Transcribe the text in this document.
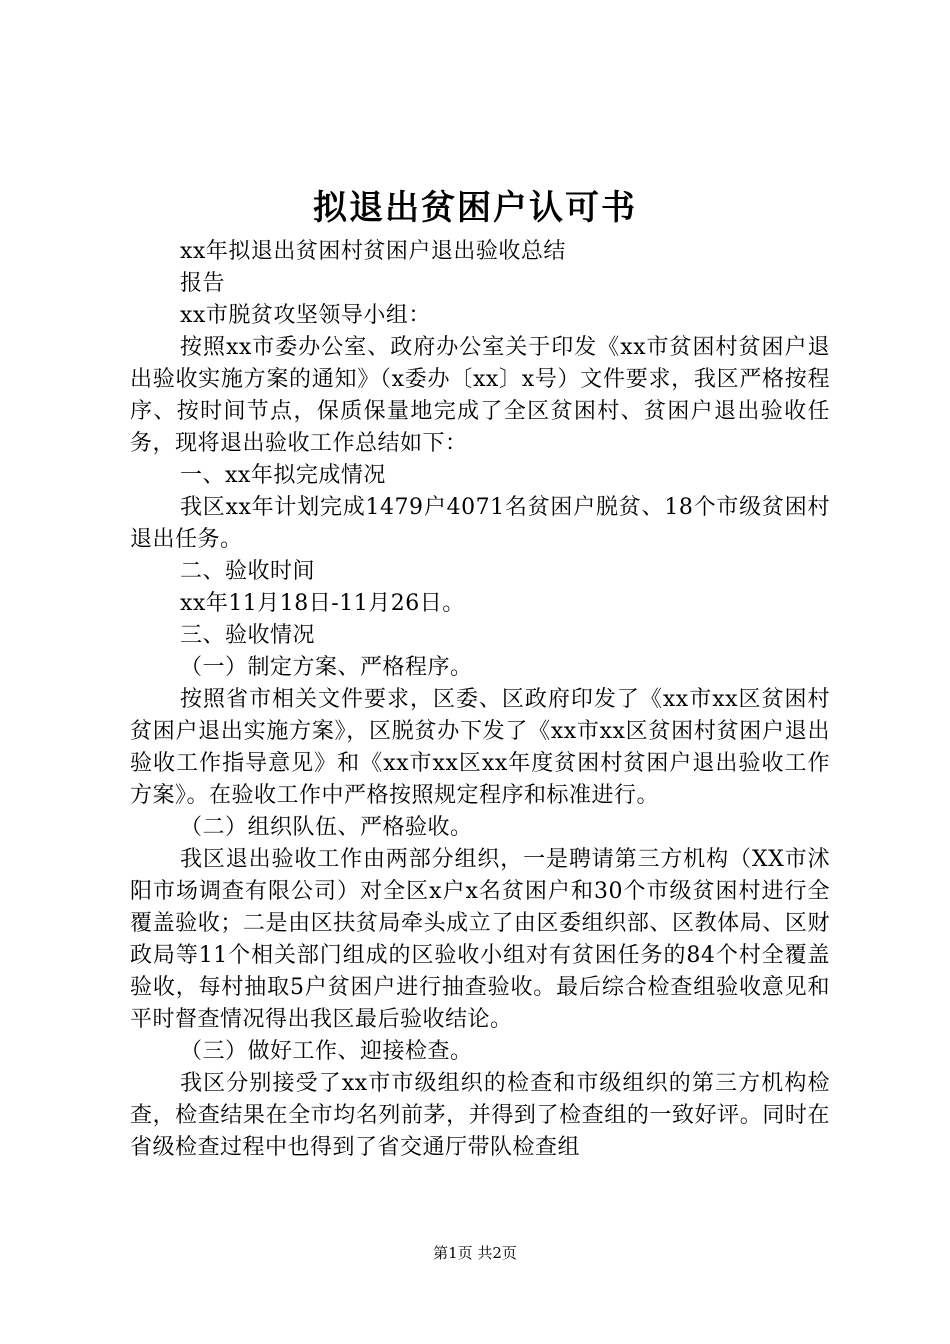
拟退出贫困户认可书

xx年拟退出贫困村贫困户退出验收总结

报告

xx市脱贫攻坚领导小组：

按照xx市委办公室、政府办公室关于印发《xx市贫困村贫困户退出验收实施方案的通知》（x委办〔xx〕x号）文件要求，我区严格按程序、按时间节点，保质保量地完成了全区贫困村、贫困户退出验收任务，现将退出验收工作总结如下：

一、xx年拟完成情况

我区xx年计划完成1479户4071名贫困户脱贫、18个市级贫困村退出任务。

二、验收时间

xx年11月18日-11月26日。

三、验收情况

（一）制定方案、严格程序。

按照省市相关文件要求，区委、区政府印发了《xx市xx区贫困村贫困户退出实施方案》，区脱贫办下发了《xx市xx区贫困村贫困户退出验收工作指导意见》和《xx市xx区xx年度贫困村贫困户退出验收工作方案》。在验收工作中严格按照规定程序和标准进行。

（二）组织队伍、严格验收。

我区退出验收工作由两部分组织，一是聘请第三方机构（XX市沭阳市场调查有限公司）对全区x户x名贫困户和30个市级贫困村进行全覆盖验收；二是由区扶贫局牵头成立了由区委组织部、区教体局、区财政局等11个相关部门组成的区验收小组对有贫困任务的84个村全覆盖验收，每村抽取5户贫困户进行抽查验收。最后综合检查组验收意见和平时督查情况得出我区最后验收结论。

（三）做好工作、迎接检查。

我区分别接受了xx市市级组织的检查和市级组织的第三方机构检查，检查结果在全市均名列前茅，并得到了检查组的一致好评。同时在省级检查过程中也得到了省交通厅带队检查组

第1页 共2页
